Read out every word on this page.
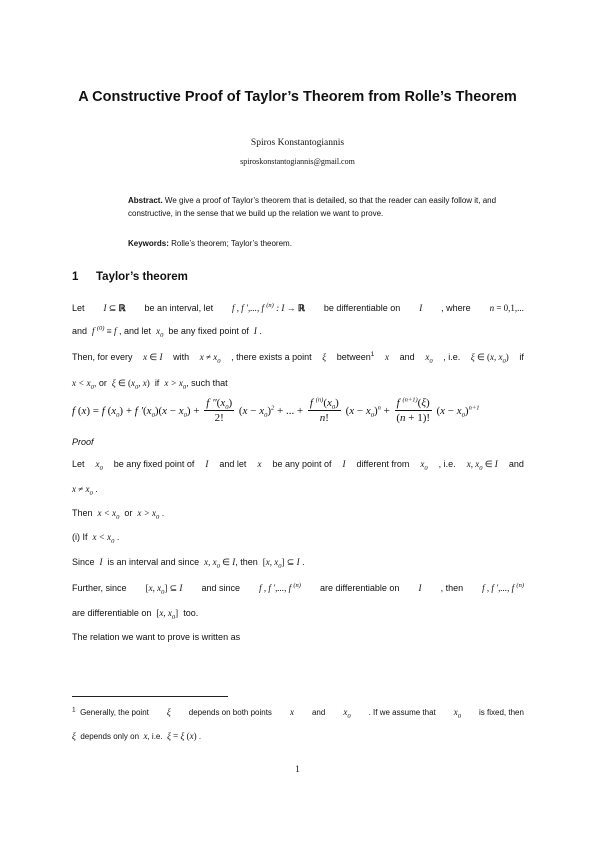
A Constructive Proof of Taylor’s Theorem from Rolle’s Theorem
Spiros Konstantogiannis
spiroskonstantogiannis@gmail.com
Abstract. We give a proof of Taylor’s theorem that is detailed, so that the reader can easily follow it, and constructive, in the sense that we build up the relation we want to prove.
Keywords: Rolle’s theorem; Taylor’s theorem.
1 Taylor’s theorem
Let I ⊆ ℝ be an interval, let f , f ′,..., f $^{(n)}$ : I → ℝ be differentiable on I , where n = 0,1,...
and f $^{(0)}$ ≡ f , and let $x_0$ be any fixed point of I .
Then, for every x ∈ I with $x \ne x_0$ , there exists a point ξ between$^1$ x and $x_0$ , i.e. ξ ∈ (x, $x_0$) if
$x < x_0$, or ξ ∈ ($x_0$, x) if $x > x_0$, such that
f (x) = f $(x_0) + f$ $'(x_0)(x - x_0) + \frac{f ''(x_0)}{2!} (x - x_0)^2$ + ... + $\frac{f ^{(n)}(x_0)}{n!} (x - x_0)^n + \frac{f ^{(n+1)}(\xi)}{(n + 1)!} (x - x_0)^{n+1}$
Proof
Let $x_0$ be any fixed point of I and let x be any point of I different from $x_0$ , i.e. x, $x_0$ ∈ I and
$x \ne x_0$ .
Then $x < x_0$ or $x > x_0$ .
(i) If $x < x_0$ .
Since I is an interval and since x, $x_0$ ∈ I, then [x, $x_0$] ⊆ I .
Further, since [x, $x_0$] ⊆ I and since f , f ′,..., f $^{(n)}$ are differentiable on I , then f , f ′,..., f $^{(n)}$
are differentiable on [x, $x_0$] too.
The relation we want to prove is written as
$^1$ Generally, the point ξ depends on both points x and $x_0$ . If we assume that $x_0$ is fixed, then
ξ depends only on x, i.e. ξ = ξ (x) .
1
